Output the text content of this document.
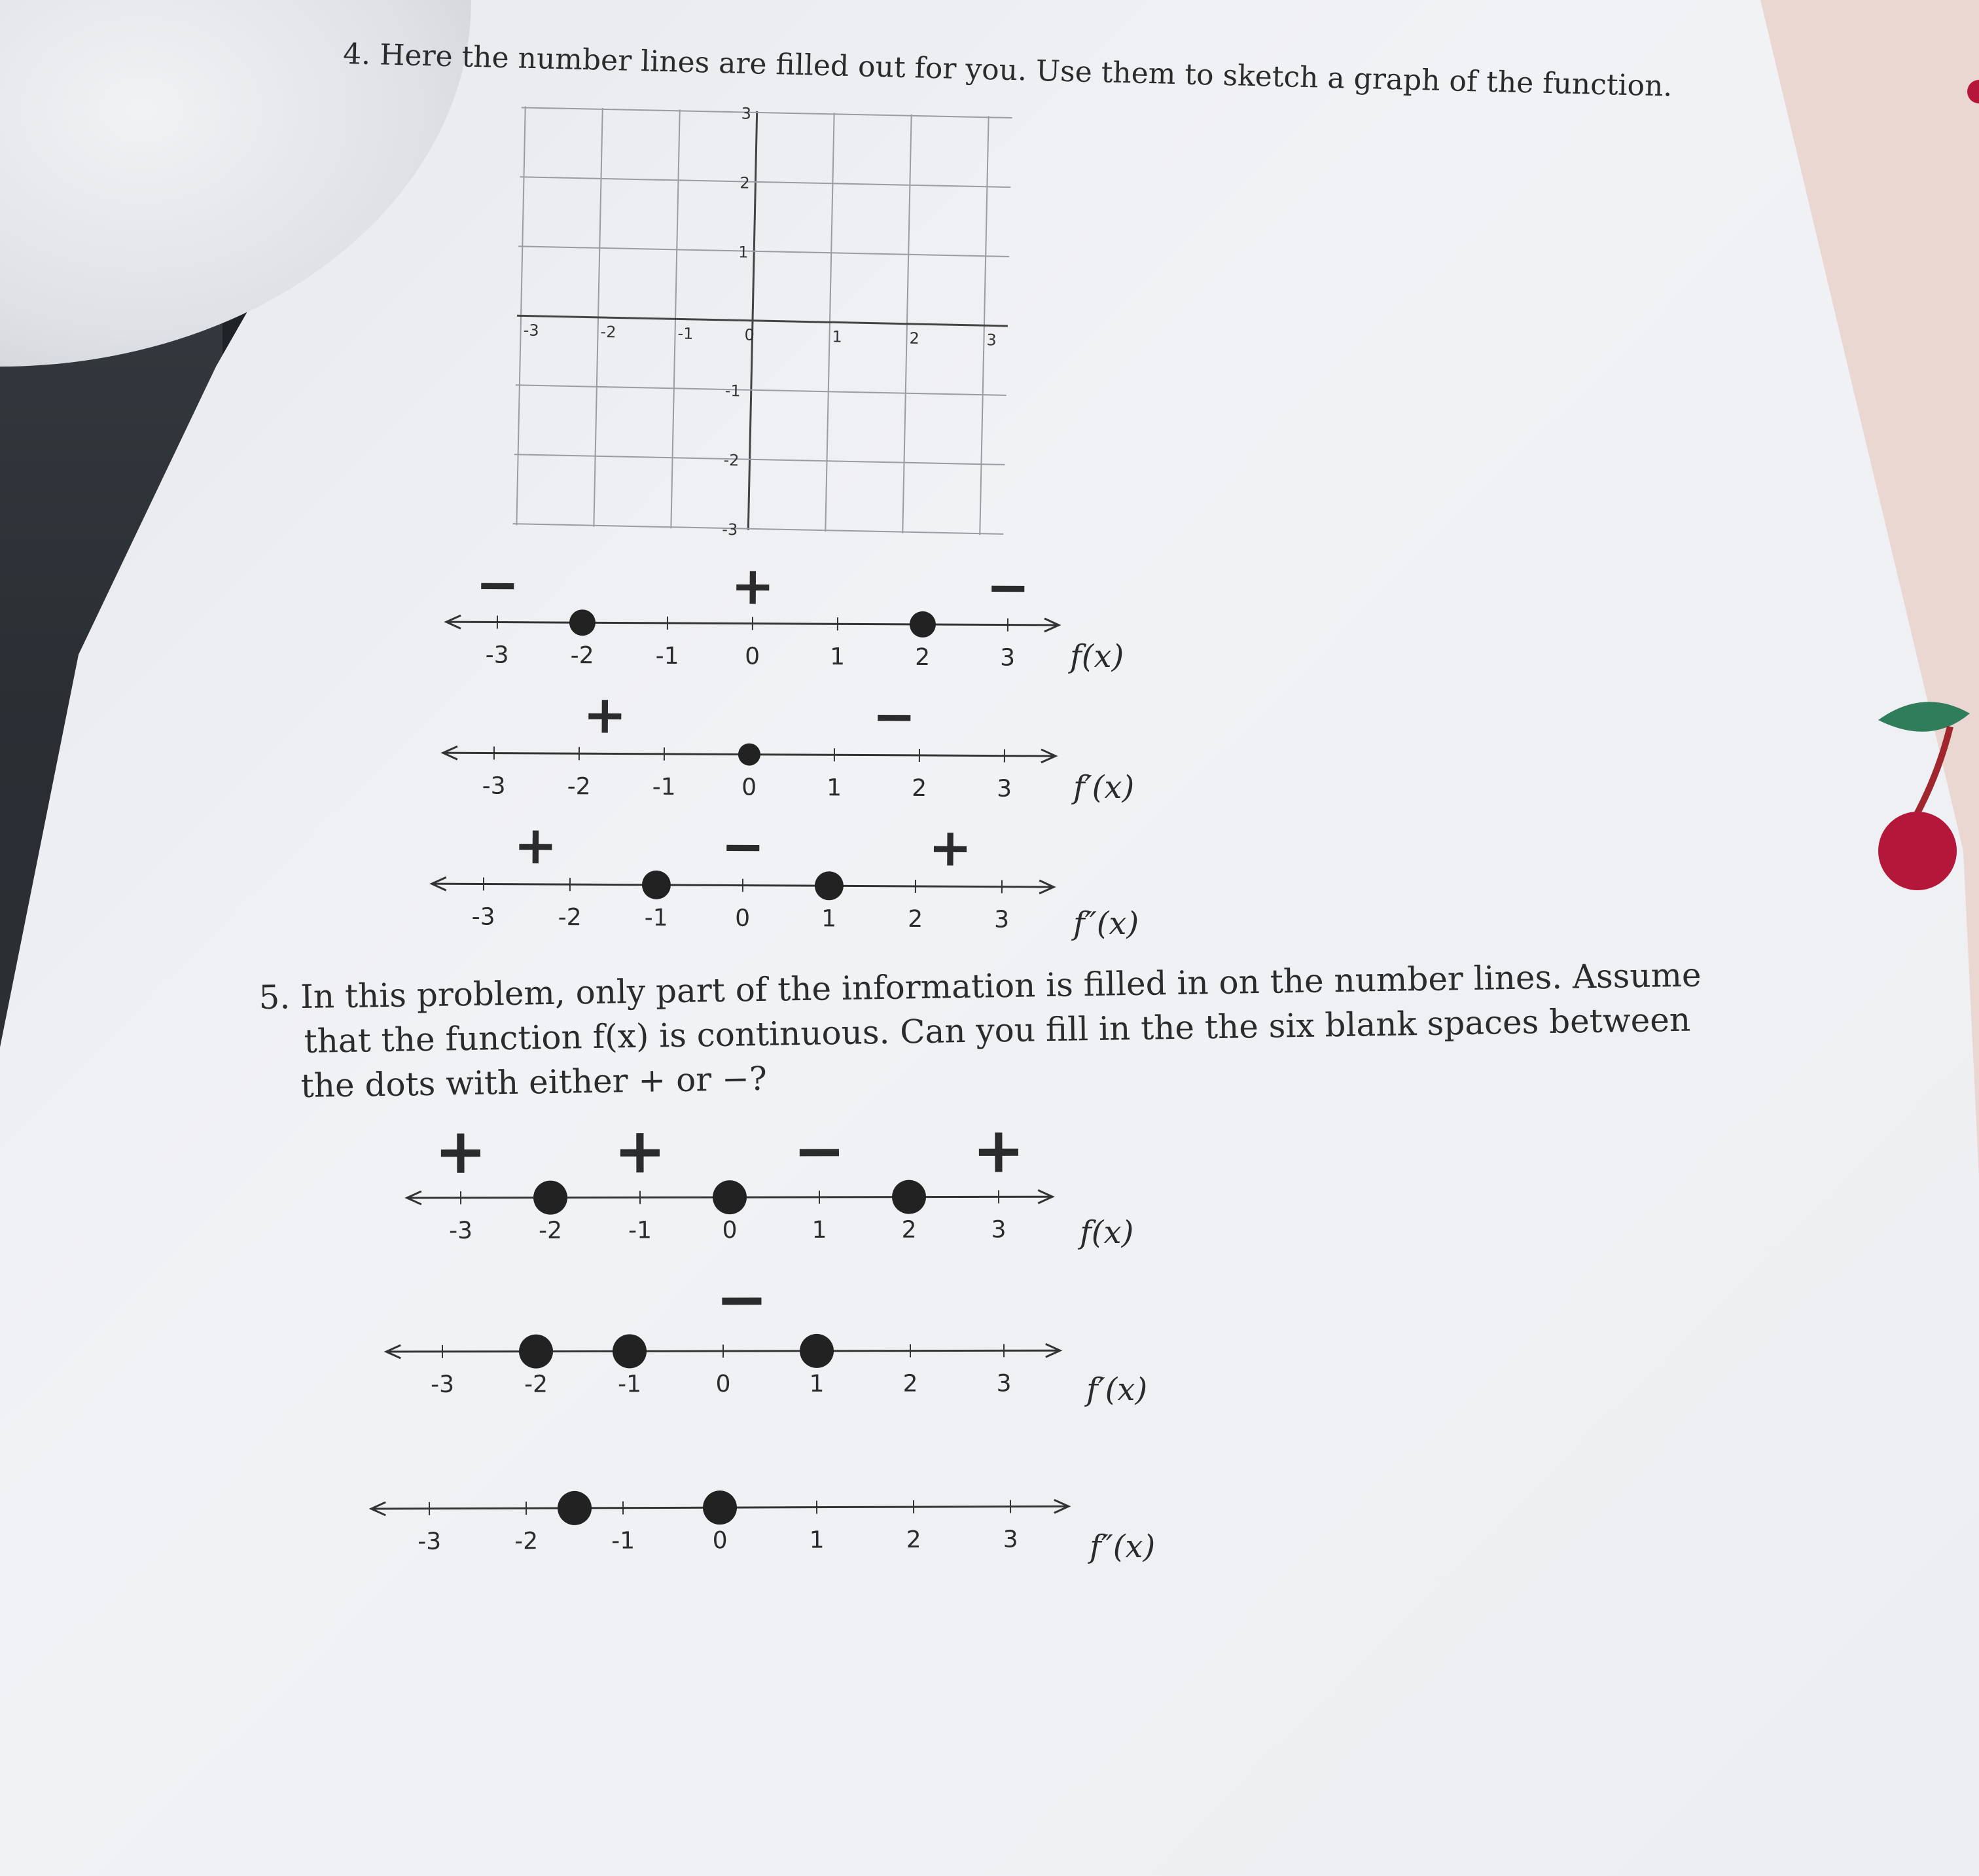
4. Here the number lines are filled out for you. Use them to sketch a graph of the function.
-3	-2	-1	0	1	2	3
3
2
1
-1
-2
-3
-3	-2	-1	0	1	2	3
−	+	−
f(x)
-3	-2	-1	0	1	2	3
+	−
f′(x)
-3	-2	-1	0	1	2	3
+	−	+
f″(x)
5. In this problem, only part of the information is filled in on the number lines. Assume
that the function f(x) is continuous. Can you fill in the the six blank spaces between
the dots with either + or −?
-3	-2	-1	0	1	2	3
+ + − +
f(x)
-3	-2	-1	0	1	2	3
−
f′(x)
-3	-2	-1	0	1	2	3 f″(x)
